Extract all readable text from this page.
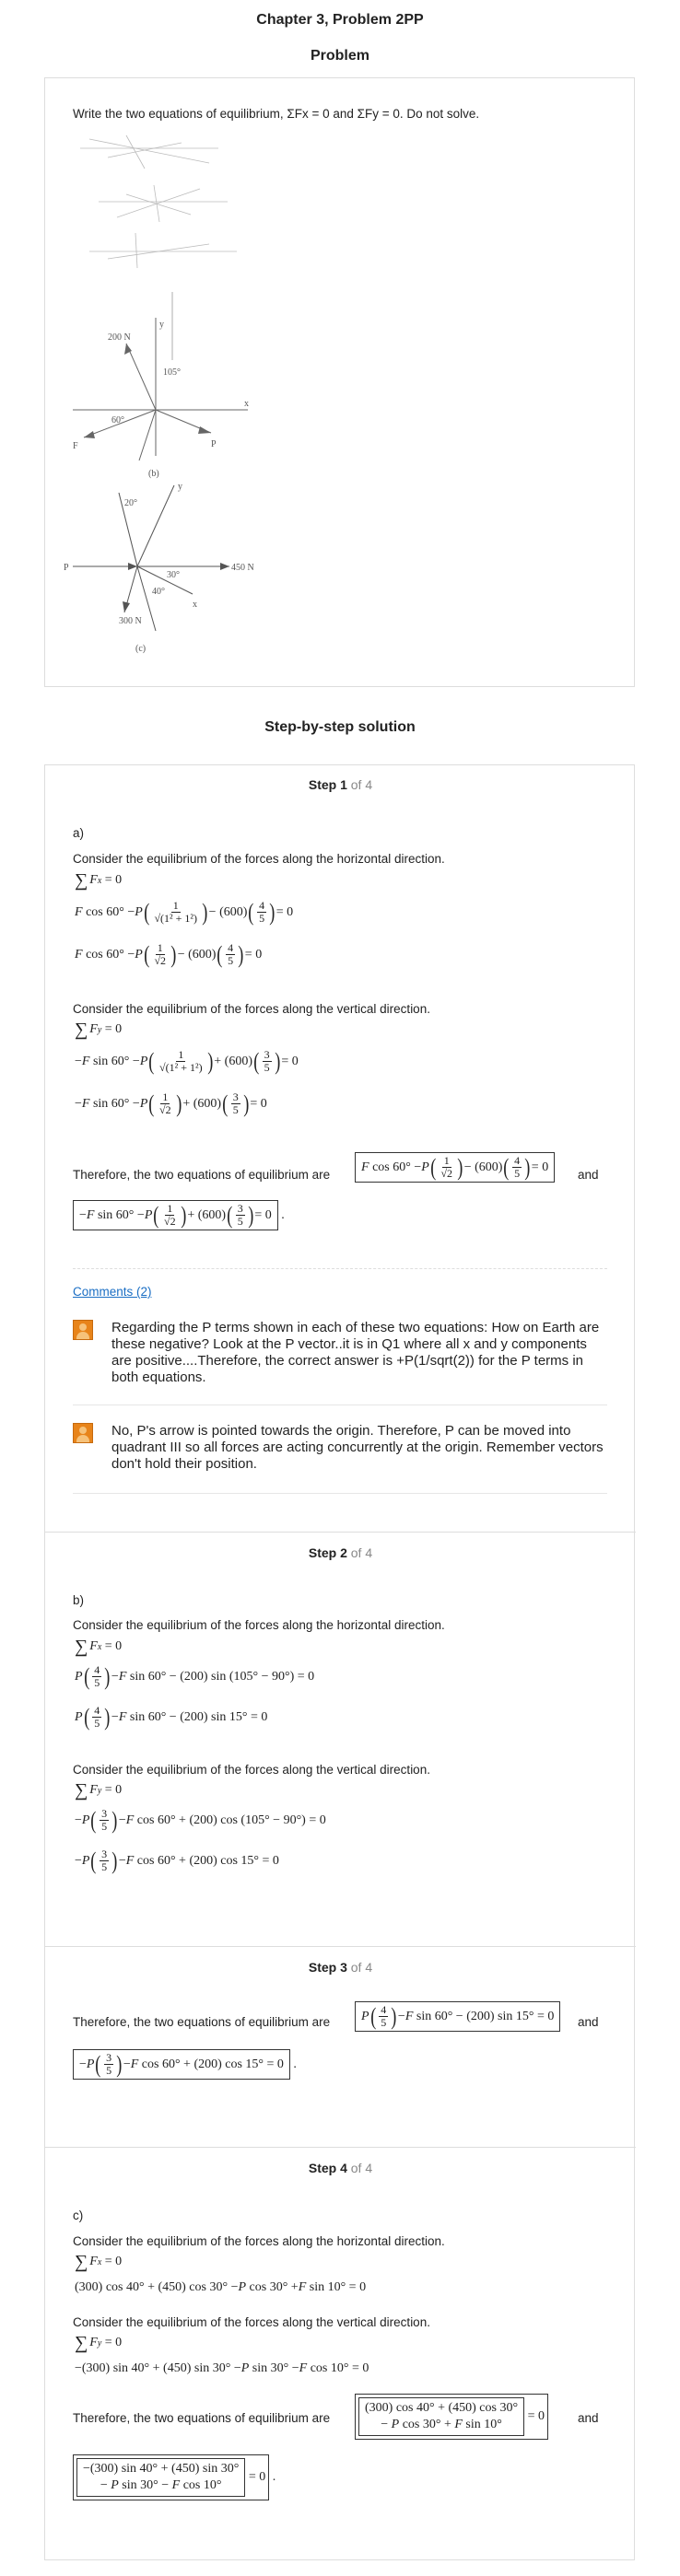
Chapter 3, Problem 2PP
Problem
Write the two equations of equilibrium, ΣFx = 0 and ΣFy = 0. Do not solve.
200 N
105°
60°
F	P
y
x
(b)
20°
P	450 N
30°
40°
300 N
y
x
(c)
Step-by-step solution
Step 1 of 4
a)
Consider the equilibrium of the forces along the horizontal direction.
∑ F x = 0
F cos 60° − P ( $\frac{1}{\text{√(1² + 1²)}}$ ) − (600) ( $\frac{4}{5}$ ) = 0
F cos 60° − P ( $\frac{1}{√2}$ ) − (600) ( $\frac{4}{5}$ ) = 0
Consider the equilibrium of the forces along the vertical direction.
∑ F y = 0
− F sin 60° − P ( $\frac{1}{\text{√(1² + 1²)}}$ ) + (600) ( $\frac{3}{5}$ ) = 0
− F sin 60° − P ( $\frac{1}{√2}$ ) + (600) ( $\frac{3}{5}$ ) = 0
Therefore, the two equations of equilibrium are
F cos 60° − P ( $\frac{1}{√2}$ ) − (600) ( $\frac{4}{5}$ ) = 0
and
− F sin 60° − P ( $\frac{1}{√2}$ ) + (600) ( $\frac{3}{5}$ ) = 0 .
Comments (2)
Regarding the P terms shown in each of these two equations: How on Earth are these negative? Look at the P vector..it is in Q1 where all x and y components are positive....Therefore, the correct answer is +P(1/sqrt(2)) for the P terms in both equations.
No, P's arrow is pointed towards the origin. Therefore, P can be moved into quadrant III so all forces are acting concurrently at the origin. Remember vectors don't hold their position.
Step 2 of 4
b)
Consider the equilibrium of the forces along the horizontal direction.
∑ F x = 0
P ( $\frac{4}{5}$ ) − F sin 60° − (200) sin (105° − 90°) = 0
P ( $\frac{4}{5}$ ) − F sin 60° − (200) sin 15° = 0
Consider the equilibrium of the forces along the vertical direction.
∑ F y = 0
− P ( $\frac{3}{5}$ ) − F cos 60° + (200) cos (105° − 90°) = 0
− P ( $\frac{3}{5}$ ) − F cos 60° + (200) cos 15° = 0
Step 3 of 4
Therefore, the two equations of equilibrium are P ( $\frac{4}{5}$ ) − F sin 60° − (200) sin 15° = 0 and
− P ( $\frac{3}{5}$ ) − F cos 60° + (200) cos 15° = 0 .
Step 4 of 4
c)
Consider the equilibrium of the forces along the horizontal direction.
∑ F x = 0
(300) cos 40° + (450) cos 30° − P cos 30° + F sin 10° = 0
Consider the equilibrium of the forces along the vertical direction.
∑ F y = 0
−(300) sin 40° + (450) sin 30° − P sin 30° − F cos 10° = 0
Therefore, the two equations of equilibrium are
(300) cos 40° + (450) cos 30°
− P cos 30° + F sin 10°
= 0	and
−(300) sin 40° + (450) sin 30°
− P sin 30° − F cos 10°
= 0 .
